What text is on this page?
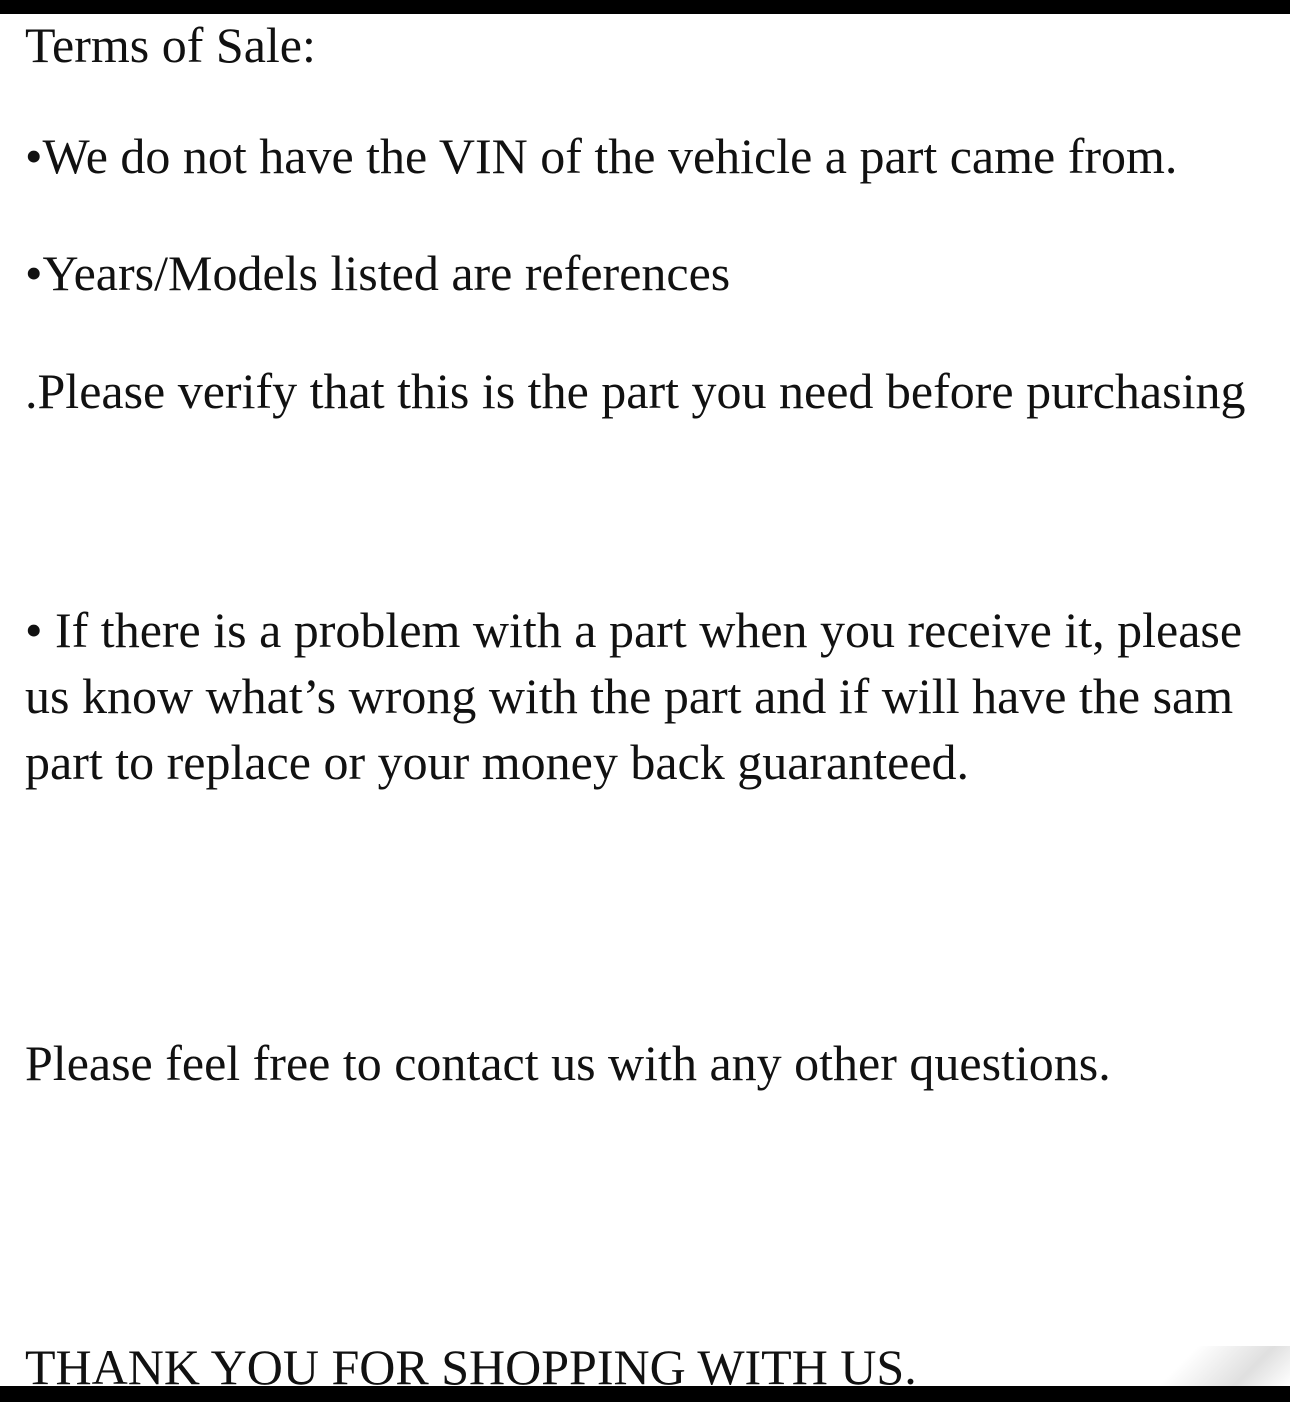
Terms of Sale:

•We do not have the VIN of the vehicle a part came from.

•Years/Models listed are references

.Please verify that this is the part you need before purchasing

• If there is a problem with a part when you receive it, please

us know what’s wrong with the part and if will have the sam

part to replace or your money back guaranteed.

Please feel free to contact us with any other questions.

THANK YOU FOR SHOPPING WITH US.
